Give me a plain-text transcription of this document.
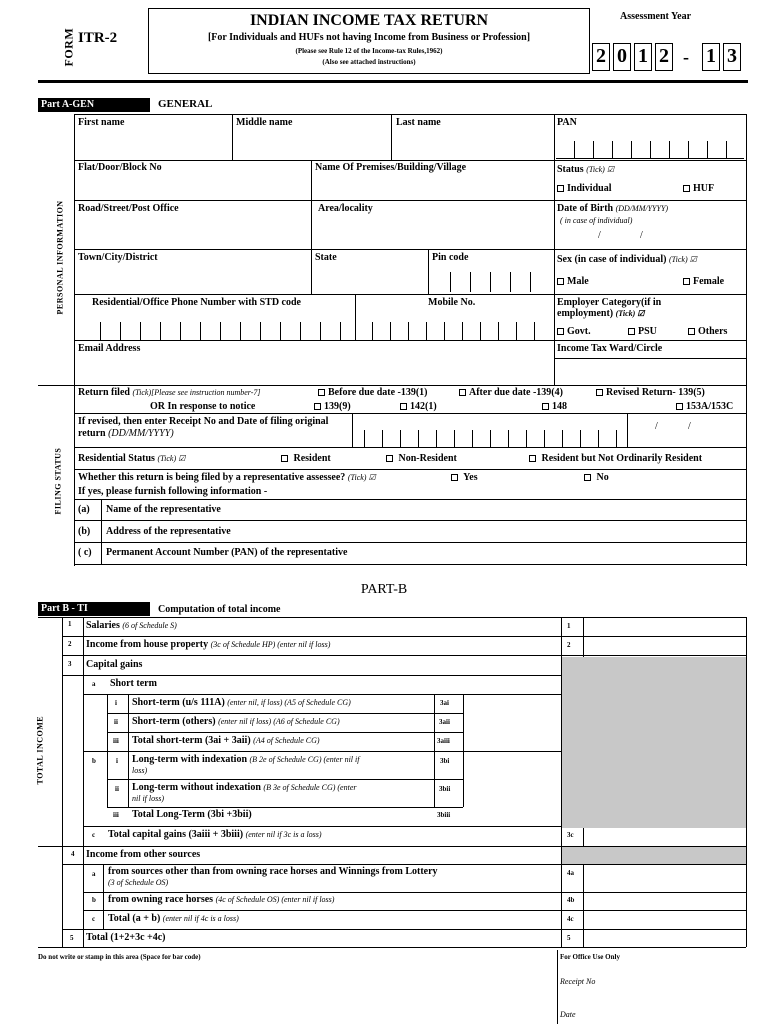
FORM ITR-2
INDIAN INCOME TAX RETURN
[For Individuals and HUFs not having Income from Business or Profession]
(Please see Rule 12 of the Income-tax Rules,1962)
(Also see attached instructions)
Assessment Year
2 0 1 2 - 1 3
Part A-GEN	GENERAL
PERSONAL INFORMATION
FILING STATUS
First name	Middle name	Last name	PAN
Flat/Door/Block No	Name Of Premises/Building/Village	Status (Tick) ☑
Individual	HUF
Road/Street/Post Office	Area/locality	Date of Birth (DD/MM/YYYY)
( in case of individual)
/	/
Town/City/District	State	Pin code	Sex (in case of individual) (Tick) ☑
Male	Female
Residential/Office Phone Number with STD code	Mobile No.	Employer Category(if in employment) (Tick) ☑
Govt.	PSU	Others
Email Address	Income Tax Ward/Circle
Return filed (Tick)[Please see instruction number-7]	Before due date -139(1)	After due date -139(4)	Revised Return- 139(5)
OR In response to notice	139(9)	142(1)	148	153A/153C
If revised, then enter Receipt No and Date of filing original return (DD/MM/YYYY)
/	/
Residential Status (Tick) ☑	Resident	Non-Resident	Resident but Not Ordinarily Resident
Whether this return is being filed by a representative assessee? (Tick) ☑	Yes	No
If yes, please furnish following information -
(a) Name of the representative
(b) Address of the representative
( c) Permanent Account Number (PAN) of the representative
PART-B
Part B - TI	Computation of total income
TOTAL INCOME
1 Salaries (6 of Schedule S)	1
2 Income from house property (3c of Schedule HP) (enter nil if loss)	2
3 Capital gains
a Short term
i Short-term (u/s 111A) (enter nil, if loss) (A5 of Schedule CG)	3ai
ii Short-term (others) (enter nil if loss) (A6 of Schedule CG)	3aii
iii Total short-term (3ai + 3aii) (A4 of Schedule CG)	3aiii
b	i Long-term with indexation (B 2e of Schedule CG) (enter nil if
loss)
3bi
ii Long-term without indexation (B 3e of Schedule CG) (enter
nil if loss)
3bii
iii Total Long-Term (3bi +3bii)	3biii
c Total capital gains (3aiii + 3biii) (enter nil if 3c is a loss)	3c
4 Income from other sources
a from sources other than from owning race horses and Winnings from Lottery
(3 of Schedule OS)
4a
b from owning race horses (4c of Schedule OS) (enter nil if loss)	4b
c Total (a + b) (enter nil if 4c is a loss)	4c
5 Total (1+2+3c +4c)	5
Do not write or stamp in this area (Space for bar code)	For Office Use Only
Receipt No
Date
